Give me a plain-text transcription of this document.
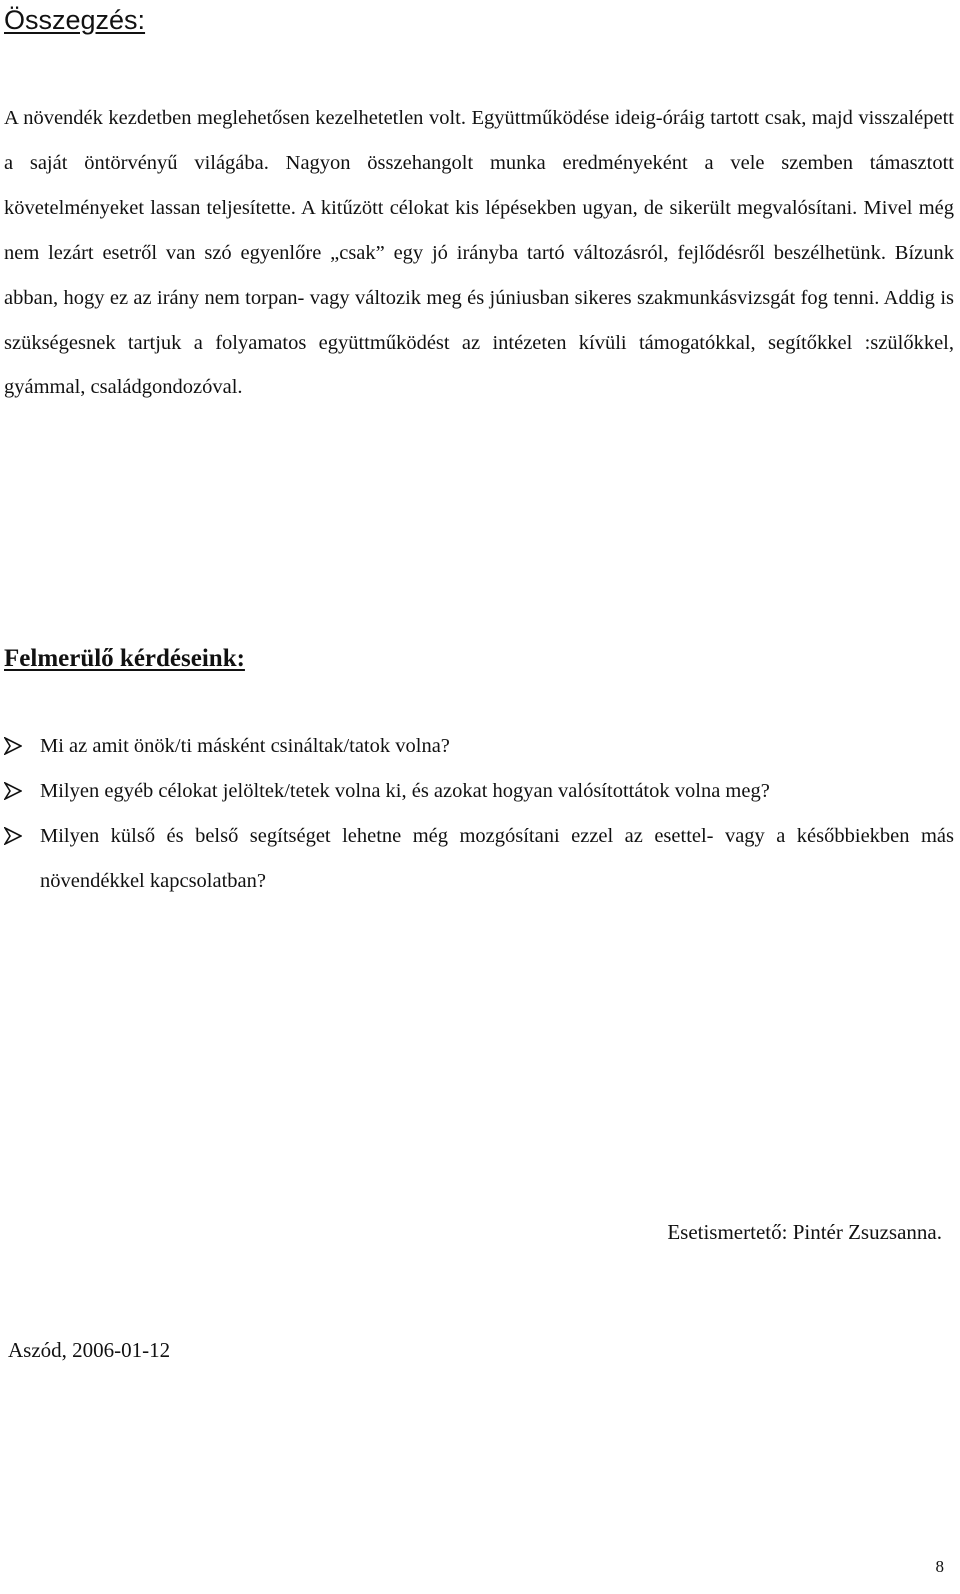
Összegzés:

A növendék kezdetben meglehetősen kezelhetetlen volt. Együttműködése ideig-óráig tartott csak, majd visszalépett a saját öntörvényű világába. Nagyon összehangolt munka eredményeként a vele szemben támasztott követelményeket lassan teljesítette. A kitűzött célokat kis lépésekben ugyan, de sikerült megvalósítani. Mivel még nem lezárt esetről van szó egyenlőre „csak” egy jó irányba tartó változásról, fejlődésről beszélhetünk. Bízunk abban, hogy ez az irány nem torpan- vagy változik meg és júniusban sikeres szakmunkásvizsgát fog tenni. Addig is szükségesnek tartjuk a folyamatos együttműködést az intézeten kívüli támogatókkal, segítőkkel :szülőkkel, gyámmal, családgondozóval.

Felmerülő kérdéseink:
Mi az amit önök/ti másként csináltak/tatok volna?
Milyen egyéb célokat jelöltek/tetek volna ki, és azokat hogyan valósítottátok volna meg?
Milyen külső és belső segítséget lehetne még mozgósítani ezzel az esettel- vagy a későbbiekben más növendékkel kapcsolatban?
Esetismertető: Pintér Zsuzsanna.
Aszód, 2006-01-12
8
